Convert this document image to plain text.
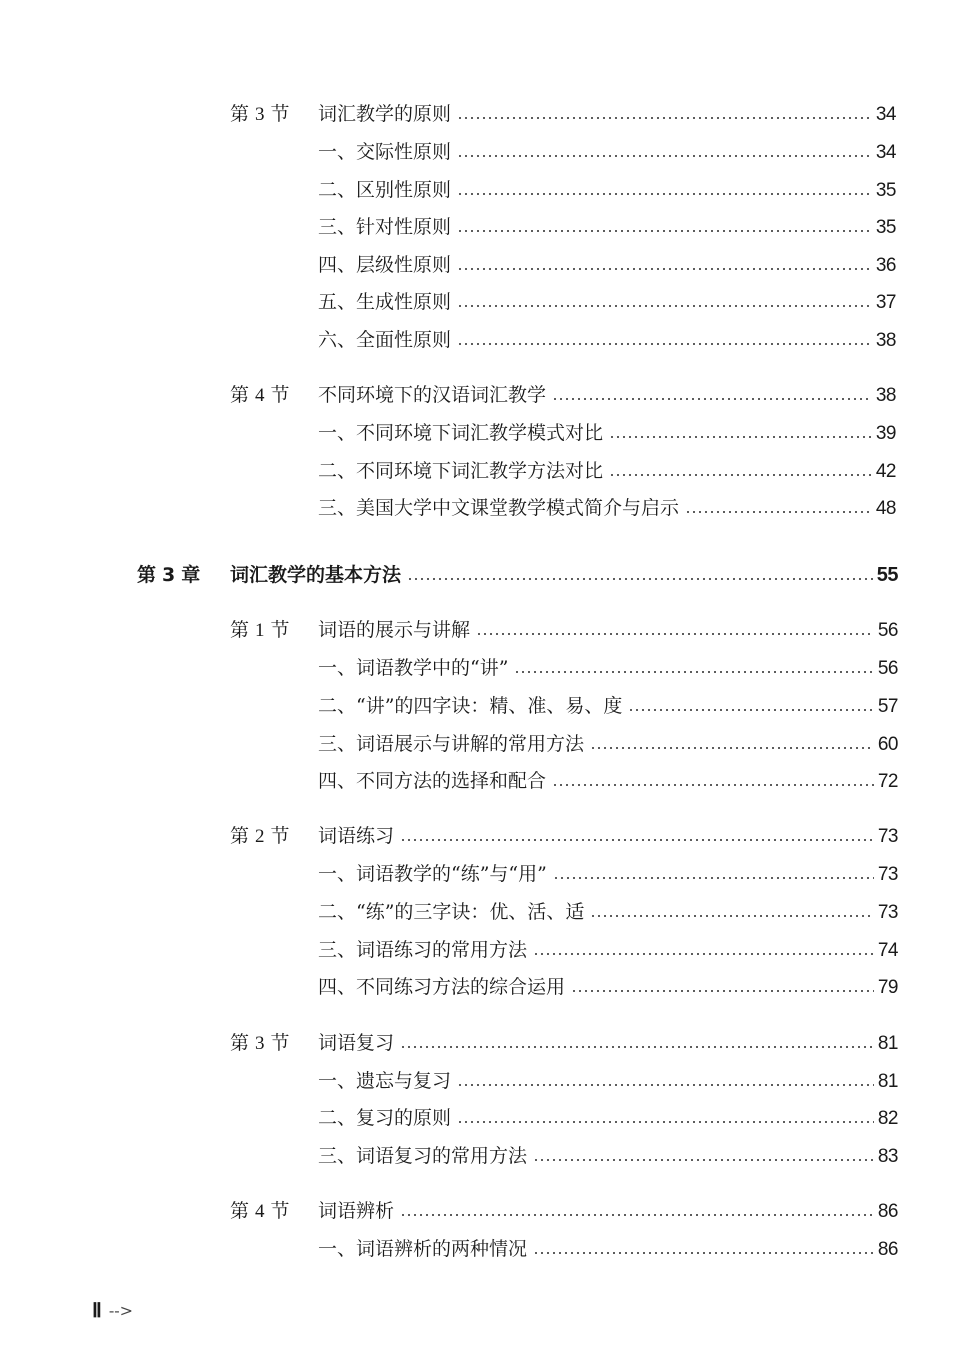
第 3 节 词汇教学的原则	34
一、交际性原则	34
二、区别性原则	35
三、针对性原则	35
四、层级性原则	36
五、生成性原则	37
六、全面性原则	38
第 4 节 不同环境下的汉语词汇教学	38
一、不同环境下词汇教学模式对比	39
二、不同环境下词汇教学方法对比	42
三、美国大学中文课堂教学模式简介与启示	48
第 3 章 词汇教学的基本方法	55
第 1 节 词语的展示与讲解	56
一、词语教学中的“讲”	56
二、“讲”的四字诀：精、准、易、度	57
三、词语展示与讲解的常用方法	60
四、不同方法的选择和配合	72
第 2 节 词语练习	73
一、词语教学的“练”与“用”	73
二、“练”的三字诀：优、活、适	73
三、词语练习的常用方法	74
四、不同练习方法的综合运用	79
第 3 节 词语复习	81
一、遗忘与复习	81
二、复习的原则	82
三、词语复习的常用方法	83
第 4 节 词语辨析	86
一、词语辨析的两种情况	86
Ⅱ -->
